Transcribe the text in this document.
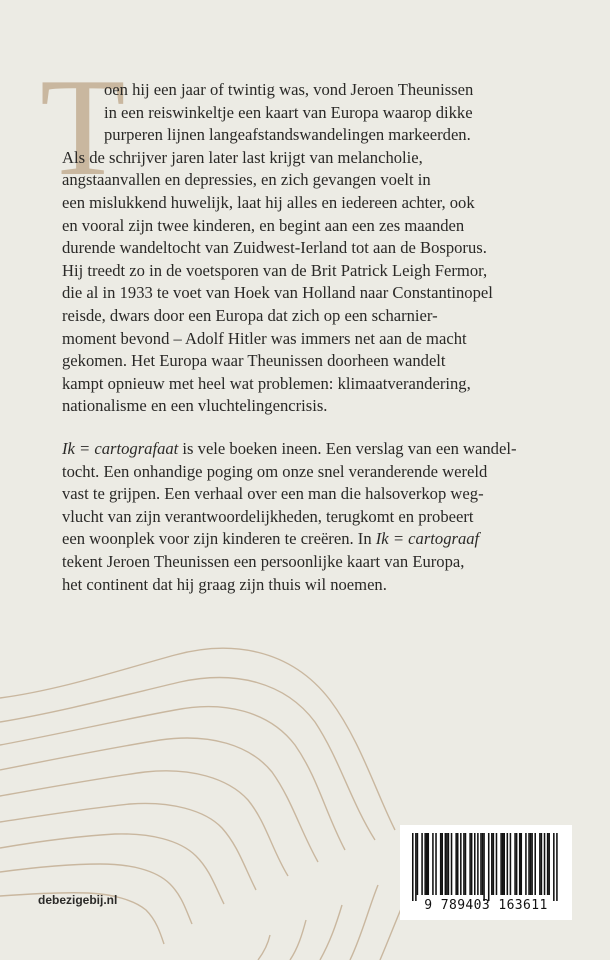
T
oen hij een jaar of twintig was, vond Jeroen Theunissen
in een reiswinkeltje een kaart van Europa waarop dikke
purperen lijnen langeafstandswandelingen markeerden.
Als de schrijver jaren later last krijgt van melancholie,
angstaanvallen en depressies, en zich gevangen voelt in
een mislukkend huwelijk, laat hij alles en iedereen achter, ook
en vooral zijn twee kinderen, en begint aan een zes maanden
durende wandeltocht van Zuidwest-Ierland tot aan de Bosporus.
Hij treedt zo in de voetsporen van de Brit Patrick Leigh Fermor,
die al in 1933 te voet van Hoek van Holland naar Constantinopel
reisde, dwars door een Europa dat zich op een scharnier-
moment bevond – Adolf Hitler was immers net aan de macht
gekomen. Het Europa waar Theunissen doorheen wandelt
kampt opnieuw met heel wat problemen: klimaatverandering,
nationalisme en een vluchtelingencrisis.
Ik = cartografaat is vele boeken ineen. Een verslag van een wandel-
tocht. Een onhandige poging om onze snel veranderende wereld
vast te grijpen. Een verhaal over een man die halsoverkop weg-
vlucht van zijn verantwoordelijkheden, terugkomt en probeert
een woonplek voor zijn kinderen te creëren. In Ik = cartograaf
tekent Jeroen Theunissen een persoonlijke kaart van Europa,
het continent dat hij graag zijn thuis wil noemen.
debezigebij.nl	9 789403 163611
